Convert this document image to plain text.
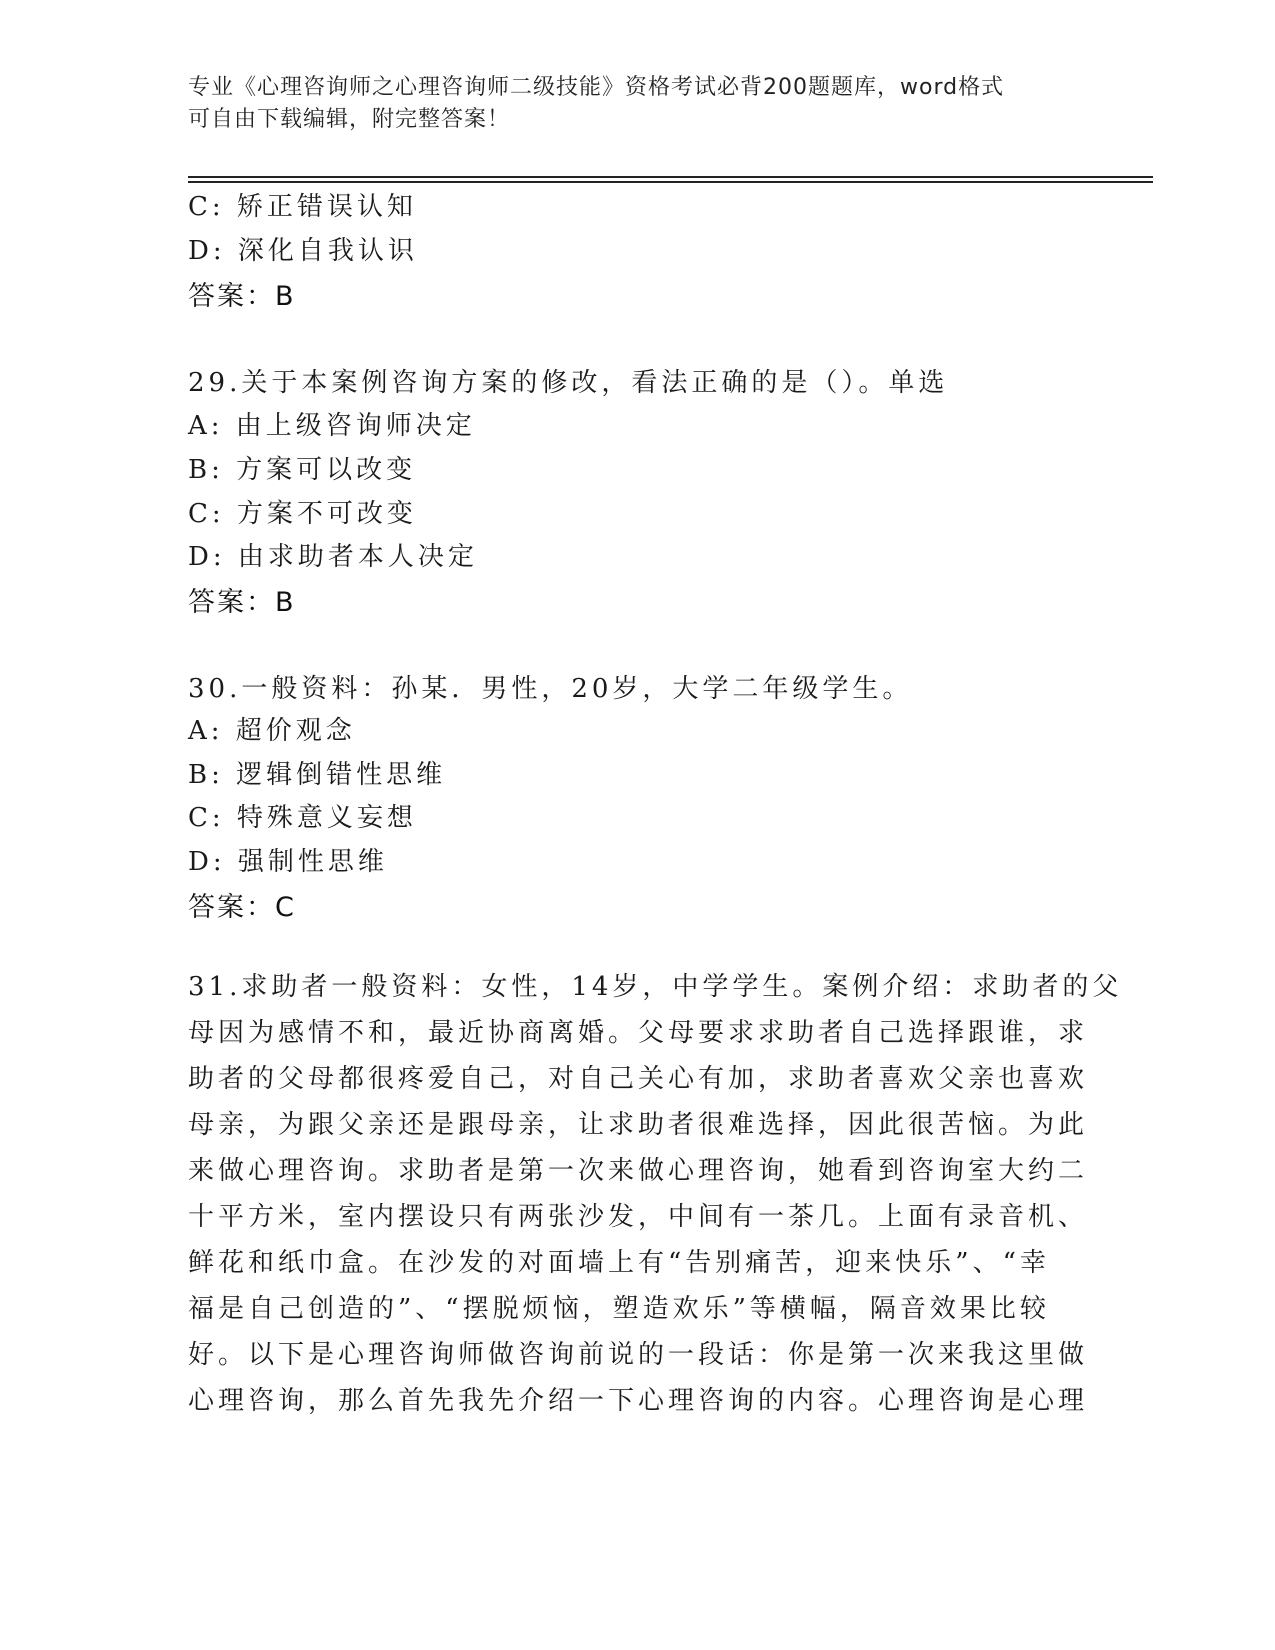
专业《心理咨询师之心理咨询师二级技能》资格考试必背200题题库，word格式

可自由下载编辑，附完整答案！

C: 矫正错误认知
D: 深化自我认识
答案：B
29.关于本案例咨询方案的修改，看法正确的是（）。单选
A: 由上级咨询师决定
B: 方案可以改变
C: 方案不可改变
D: 由求助者本人决定
答案：B
30.一般资料：孙某．男性，20岁，大学二年级学生。
A: 超价观念
B: 逻辑倒错性思维
C: 特殊意义妄想
D: 强制性思维
答案：C
31.求助者一般资料：女性，14岁，中学学生。案例介绍：求助者的父
母因为感情不和，最近协商离婚。父母要求求助者自己选择跟谁，求
助者的父母都很疼爱自己，对自己关心有加，求助者喜欢父亲也喜欢
母亲，为跟父亲还是跟母亲，让求助者很难选择，因此很苦恼。为此
来做心理咨询。求助者是第一次来做心理咨询，她看到咨询室大约二
十平方米，室内摆设只有两张沙发，中间有一茶几。上面有录音机、
鲜花和纸巾盒。在沙发的对面墙上有“告别痛苦，迎来快乐”、“幸
福是自己创造的”、“摆脱烦恼，塑造欢乐”等横幅，隔音效果比较
好。以下是心理咨询师做咨询前说的一段话：你是第一次来我这里做
心理咨询，那么首先我先介绍一下心理咨询的内容。心理咨询是心理
